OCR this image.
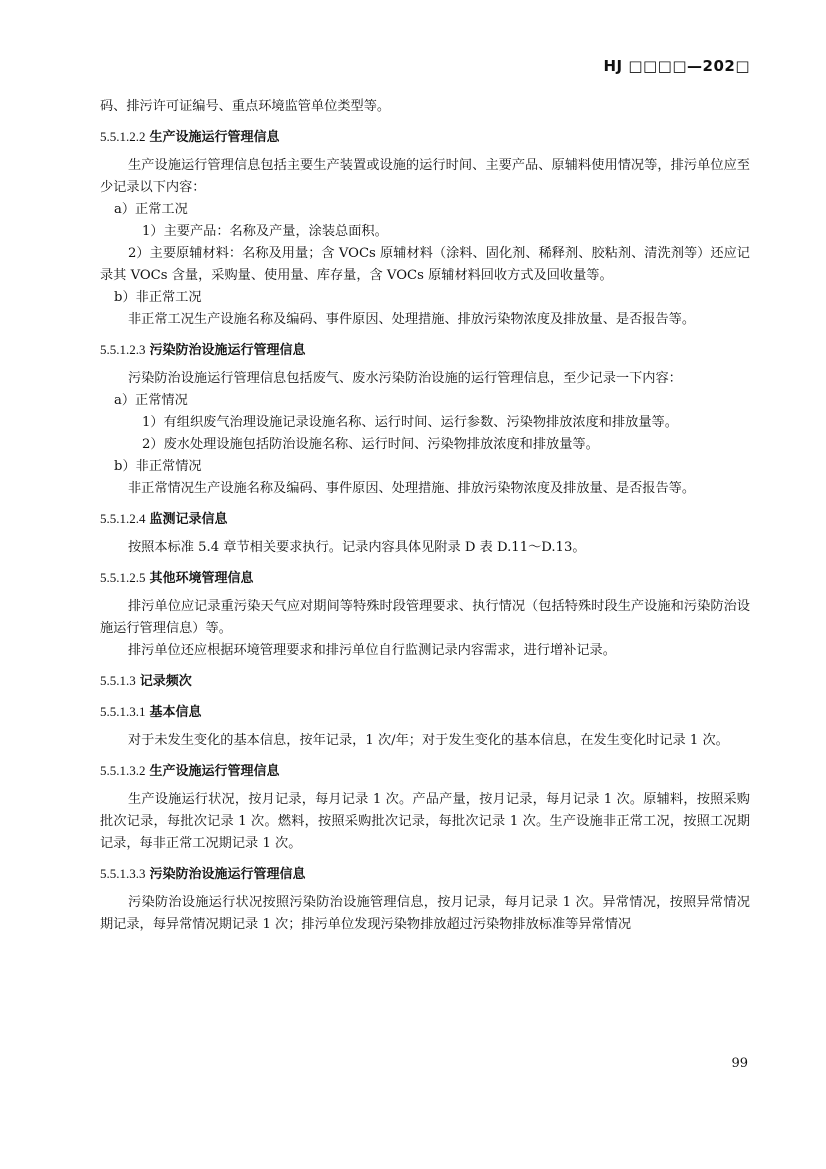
HJ □□□□—202□

码、排污许可证编号、重点环境监管单位类型等。

5.5.1.2.2 生产设施运行管理信息

生产设施运行管理信息包括主要生产装置或设施的运行时间、主要产品、原辅料使用情况等，排污单位应至少记录以下内容：

a）正常工况

1）主要产品：名称及产量，涂装总面积。

2）主要原辅材料：名称及用量；含 VOCs 原辅材料（涂料、固化剂、稀释剂、胶粘剂、清洗剂等）还应记录其 VOCs 含量，采购量、使用量、库存量，含 VOCs 原辅材料回收方式及回收量等。

b）非正常工况

非正常工况生产设施名称及编码、事件原因、处理措施、排放污染物浓度及排放量、是否报告等。

5.5.1.2.3 污染防治设施运行管理信息

污染防治设施运行管理信息包括废气、废水污染防治设施的运行管理信息，至少记录一下内容：

a）正常情况

1）有组织废气治理设施记录设施名称、运行时间、运行参数、污染物排放浓度和排放量等。

2）废水处理设施包括防治设施名称、运行时间、污染物排放浓度和排放量等。

b）非正常情况

非正常情况生产设施名称及编码、事件原因、处理措施、排放污染物浓度及排放量、是否报告等。

5.5.1.2.4 监测记录信息

按照本标准 5.4 章节相关要求执行。记录内容具体见附录 D 表 D.11～D.13。

5.5.1.2.5 其他环境管理信息

排污单位应记录重污染天气应对期间等特殊时段管理要求、执行情况（包括特殊时段生产设施和污染防治设施运行管理信息）等。

排污单位还应根据环境管理要求和排污单位自行监测记录内容需求，进行增补记录。

5.5.1.3 记录频次
5.5.1.3.1 基本信息

对于未发生变化的基本信息，按年记录，1 次/年；对于发生变化的基本信息，在发生变化时记录 1 次。

5.5.1.3.2 生产设施运行管理信息

生产设施运行状况，按月记录，每月记录 1 次。产品产量，按月记录，每月记录 1 次。原辅料，按照采购批次记录，每批次记录 1 次。燃料，按照采购批次记录，每批次记录 1 次。生产设施非正常工况，按照工况期记录，每非正常工况期记录 1 次。

5.5.1.3.3 污染防治设施运行管理信息

污染防治设施运行状况按照污染防治设施管理信息，按月记录，每月记录 1 次。异常情况，按照异常情况期记录，每异常情况期记录 1 次；排污单位发现污染物排放超过污染物排放标准等异常情况

99
